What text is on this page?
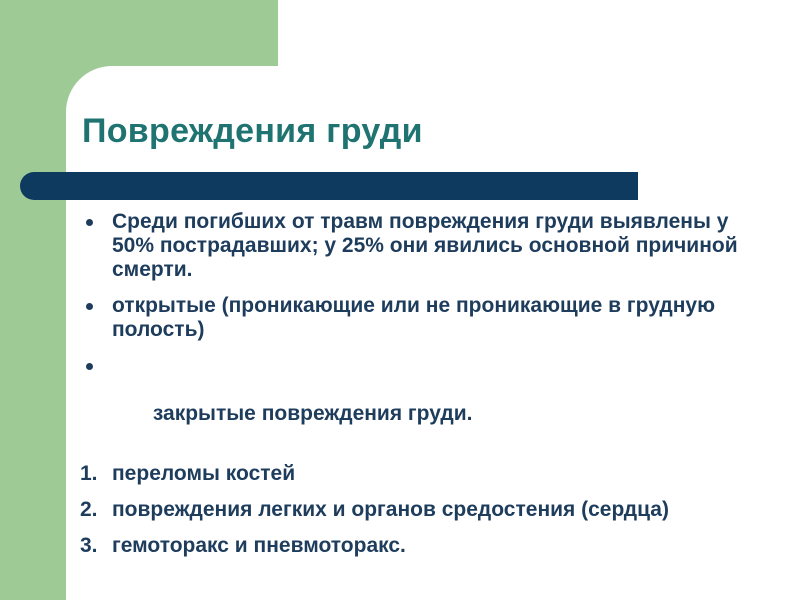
Повреждения груди
Среди погибших от травм повреждения груди выявлены у 50% пострадавших; у 25% они явились основной причиной смерти.
открытые (проникающие или не проникающие в грудную полость)

закрытые повреждения груди.

1. переломы костей
2. повреждения легких и органов средостения (сердца)
3. гемоторакс и пневмоторакс.
